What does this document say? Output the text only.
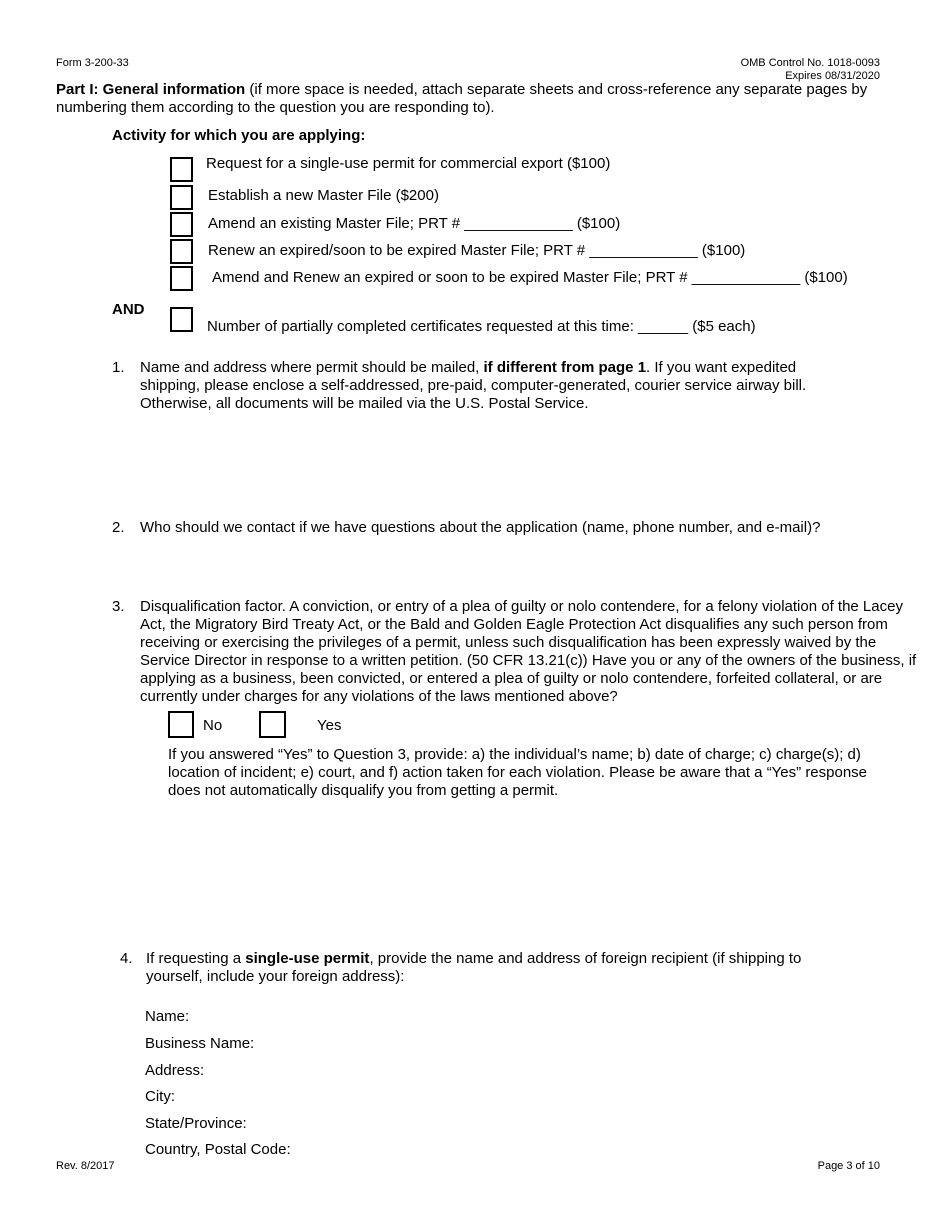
Form 3-200-33	OMB Control No. 1018-0093
Expires 08/31/2020
Part I: General information (if more space is needed, attach separate sheets and cross-reference any separate pages by numbering them according to the question you are responding to).
Activity for which you are applying:
Request for a single-use permit for commercial export ($100)
Establish a new Master File ($200)
Amend an existing Master File; PRT # _____________ ($100)
Renew an expired/soon to be expired Master File; PRT # _____________ ($100)
Amend and Renew an expired or soon to be expired Master File; PRT # _____________ ($100)
AND
Number of partially completed certificates requested at this time: ______ ($5 each)
1. Name and address where permit should be mailed, if different from page 1. If you want expedited shipping, please enclose a self-addressed, pre-paid, computer-generated, courier service airway bill. Otherwise, all documents will be mailed via the U.S. Postal Service.
2. Who should we contact if we have questions about the application (name, phone number, and e-mail)?
3. Disqualification factor. A conviction, or entry of a plea of guilty or nolo contendere, for a felony violation of the Lacey Act, the Migratory Bird Treaty Act, or the Bald and Golden Eagle Protection Act disqualifies any such person from receiving or exercising the privileges of a permit, unless such disqualification has been expressly waived by the Service Director in response to a written petition. (50 CFR 13.21(c)) Have you or any of the owners of the business, if applying as a business, been convicted, or entered a plea of guilty or nolo contendere, forfeited collateral, or are currently under charges for any violations of the laws mentioned above?
No	Yes
If you answered “Yes” to Question 3, provide: a) the individual’s name; b) date of charge; c) charge(s); d) location of incident; e) court, and f) action taken for each violation. Please be aware that a “Yes” response does not automatically disqualify you from getting a permit.
4. If requesting a single-use permit, provide the name and address of foreign recipient (if shipping to yourself, include your foreign address):
Name:
Business Name:
Address:
City:
State/Province:
Country, Postal Code:
Rev. 8/2017	Page 3 of 10
